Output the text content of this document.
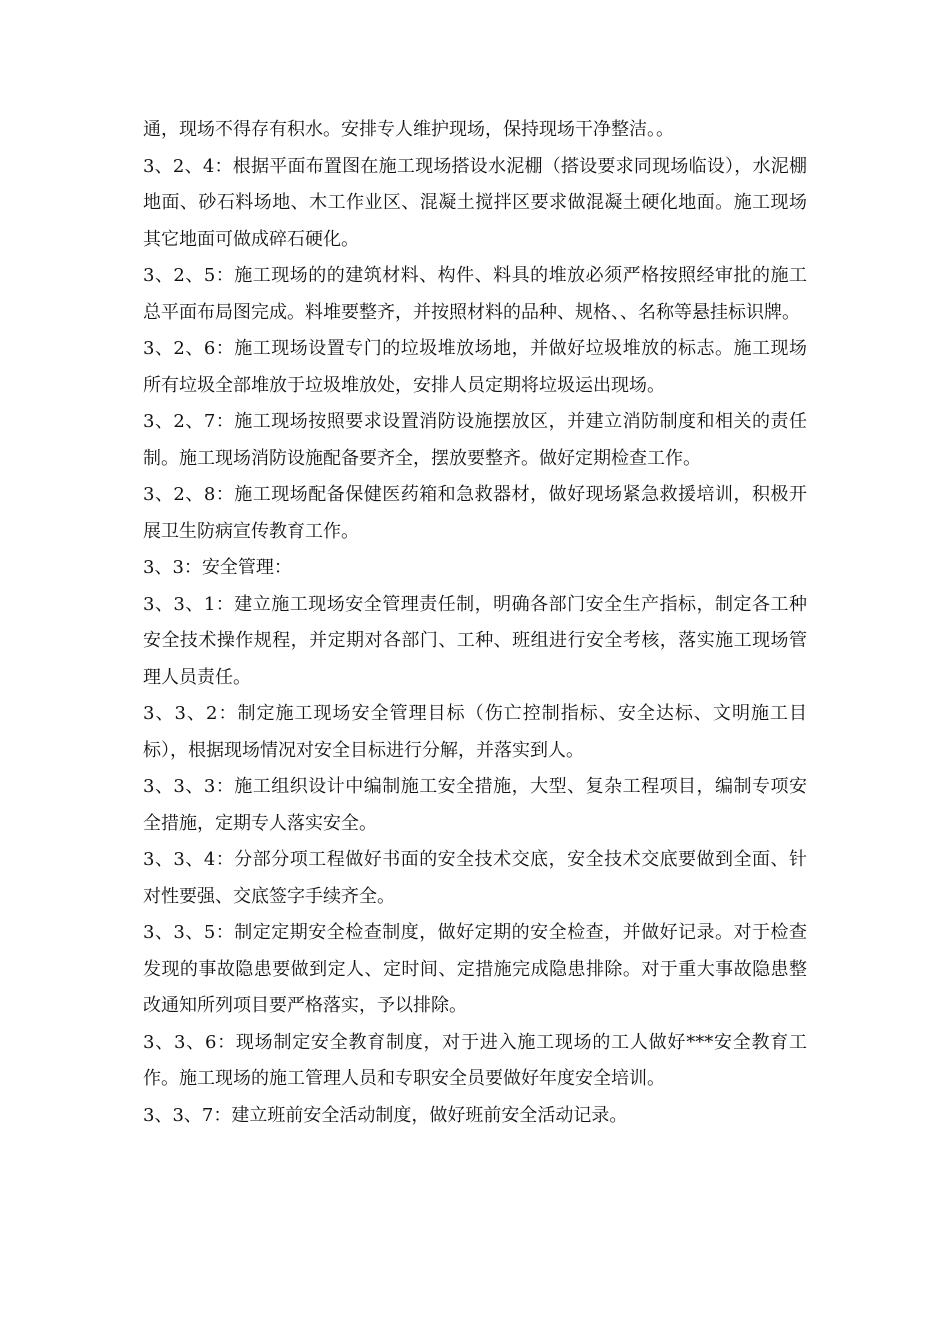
通，现场不得存有积水。安排专人维护现场，保持现场干净整洁。。

3、2、4：根据平面布置图在施工现场搭设水泥棚（搭设要求同现场临设），水泥棚地面、砂石料场地、木工作业区、混凝土搅拌区要求做混凝土硬化地面。施工现场其它地面可做成碎石硬化。

3、2、5：施工现场的的建筑材料、构件、料具的堆放必须严格按照经审批的施工总平面布局图完成。料堆要整齐，并按照材料的品种、规格、、名称等悬挂标识牌。

3、2、6：施工现场设置专门的垃圾堆放场地，并做好垃圾堆放的标志。施工现场所有垃圾全部堆放于垃圾堆放处，安排人员定期将垃圾运出现场。

3、2、7：施工现场按照要求设置消防设施摆放区，并建立消防制度和相关的责任制。施工现场消防设施配备要齐全，摆放要整齐。做好定期检查工作。

3、2、8：施工现场配备保健医药箱和急救器材，做好现场紧急救援培训，积极开展卫生防病宣传教育工作。

3、3：安全管理：

3、3、1：建立施工现场安全管理责任制，明确各部门安全生产指标，制定各工种安全技术操作规程，并定期对各部门、工种、班组进行安全考核，落实施工现场管理人员责任。

3、3、2：制定施工现场安全管理目标（伤亡控制指标、安全达标、文明施工目标），根据现场情况对安全目标进行分解，并落实到人。

3、3、3：施工组织设计中编制施工安全措施，大型、复杂工程项目，编制专项安全措施，定期专人落实安全。

3、3、4：分部分项工程做好书面的安全技术交底，安全技术交底要做到全面、针对性要强、交底签字手续齐全。

3、3、5：制定定期安全检查制度，做好定期的安全检查，并做好记录。对于检查发现的事故隐患要做到定人、定时间、定措施完成隐患排除。对于重大事故隐患整改通知所列项目要严格落实，予以排除。

3、3、6：现场制定安全教育制度，对于进入施工现场的工人做好***安全教育工作。施工现场的施工管理人员和专职安全员要做好年度安全培训。

3、3、7：建立班前安全活动制度，做好班前安全活动记录。
